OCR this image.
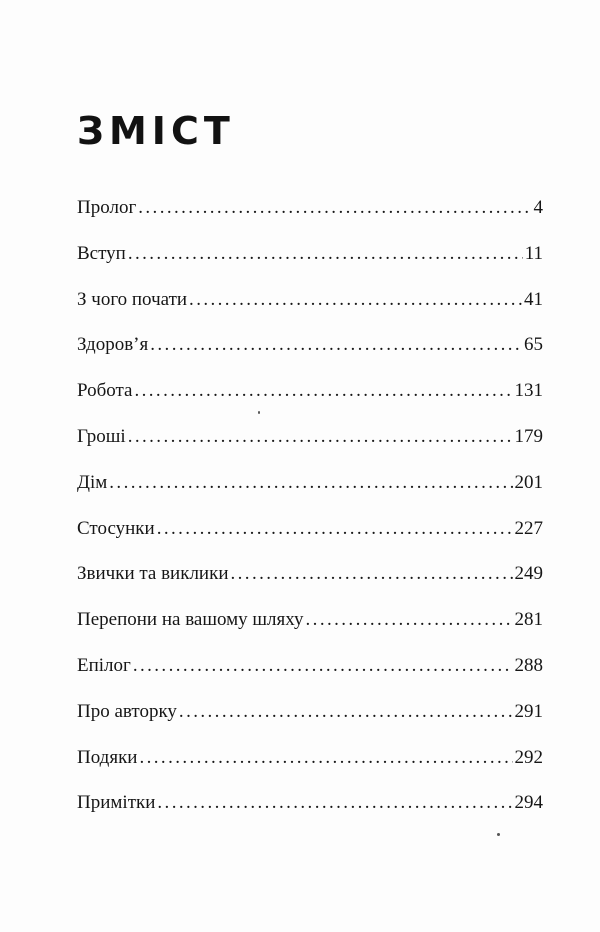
ЗМІСТ
Пролог .....	4
Вступ .....	11
З чого почати .....	41
Здоров’я .....	65
Робота .....	131
Гроші .....	179
Дім .....	201
Стосунки .....	227
Звички та виклики .....	249
Перепони на вашому шляху .....	281
Епілог .....	288
Про авторку .....	291
Подяки .....	292
Примітки .....	294
